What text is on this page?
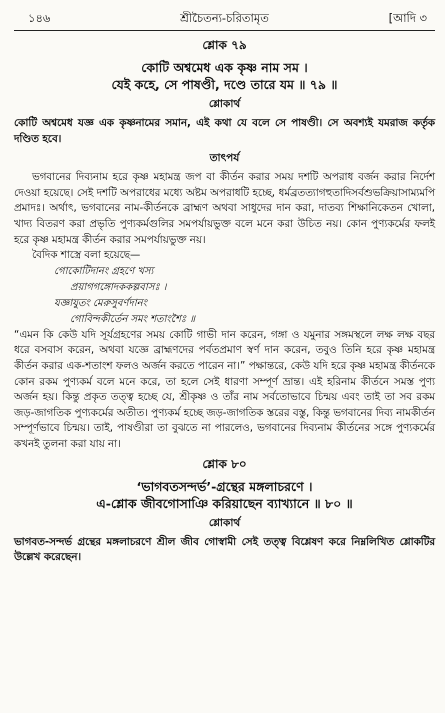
১৪৬	শ্রীচৈতন্য-চরিতামৃত	[আদি ৩
শ্লোক ৭৯
কোটি অশ্বমেধ এক কৃষ্ণ নাম সম ।
যেই কহে, সে পাষণ্ডী, দণ্ডে তারে যম ॥ ৭৯ ॥
শ্লোকার্থ
কোটি অশ্বমেধ যজ্ঞ এক কৃষ্ণনামের সমান, এই কথা যে বলে সে পাষণ্ডী। সে অবশ্যই যমরাজ কর্তৃক দণ্ডিত হবে।
তাৎপর্য
ভগবানের দিব্যনাম হরে কৃষ্ণ মহামন্ত্র জপ বা কীর্তন করার সময় দশটি অপরাধ বর্জন করার নির্দেশ দেওয়া হয়েছে। সেই দশটি অপরাধের মধ্যে অষ্টম অপরাধটি হচ্ছে, ধর্মব্রতত্যাগহুতাদিসর্বশুভক্রিয়াসাম্যমপি প্রমাদঃ। অর্থাৎ, ভগবানের নাম-কীর্তনকে ব্রাহ্মণ অথবা সাধুদের দান করা, দাতব্য শিক্ষানিকেতন খোলা, খাদ্য বিতরণ করা প্রভৃতি পুণ্যকর্মগুলির সমপর্যায়ভুক্ত বলে মনে করা উচিত নয়। কোন পুণ্যকর্মের ফলই হরে কৃষ্ণ মহামন্ত্র কীর্তন করার সমপর্যায়ভুক্ত নয়।
বৈদিক শাস্ত্রে বলা হয়েছে—
গোকোটিদানং গ্রহণে খস্য
প্রয়াগগঙ্গোদককল্পবাসঃ ।
যজ্ঞাযুতং মেরুসুবর্ণদানং
গোবিন্দকীর্তেন সমং শতাংশৈঃ ॥
“এমন কি কেউ যদি সূর্যগ্রহণের সময় কোটি গাভী দান করেন, গঙ্গা ও যমুনার সঙ্গমস্থলে লক্ষ লক্ষ বছর ধরে বসবাস করেন, অথবা যজ্ঞে ব্রাহ্মণদের পর্বতপ্রমাণ স্বর্ণ দান করেন, তবুও তিনি হরে কৃষ্ণ মহামন্ত্র কীর্তন করার এক-শতাংশ ফলও অর্জন করতে পারেন না।” পক্ষান্তরে, কেউ যদি হরে কৃষ্ণ মহামন্ত্র কীর্তনকে কোন রকম পুণ্যকর্ম বলে মনে করে, তা হলে সেই ধারণা সম্পূর্ণ ভ্রান্ত। এই হরিনাম কীর্তনে সমস্ত পুণ্য অর্জন হয়। কিন্তু প্রকৃত তত্ত্ব হচ্ছে যে, শ্রীকৃষ্ণ ও তাঁর নাম সর্বতোভাবে চিন্ময় এবং তাই তা সব রকম জড়-জাগতিক পুণ্যকর্মের অতীত। পুণ্যকর্ম হচ্ছে জড়-জাগতিক স্তরের বস্তু, কিন্তু ভগবানের দিব্য নামকীর্তন সম্পূর্ণভাবে চিন্ময়। তাই, পাষণ্ডীরা তা বুঝতে না পারলেও, ভগবানের দিব্যনাম কীর্তনের সঙ্গে পুণ্যকর্মের কখনই তুলনা করা যায় না।
শ্লোক ৮০
‘ভাগবতসন্দর্ভ’-গ্রন্থের মঙ্গলাচরণে ।
এ-শ্লোক জীবগোসাঞি করিয়াছেন ব্যাখ্যানে ॥ ৮০ ॥
শ্লোকার্থ
ভাগবত-সন্দর্ভ গ্রন্থের মঙ্গলাচরণে শ্রীল জীব গোস্বামী সেই তত্ত্ব বিশ্লেষণ করে নিম্নলিখিত শ্লোকটির উল্লেখ করেছেন।
